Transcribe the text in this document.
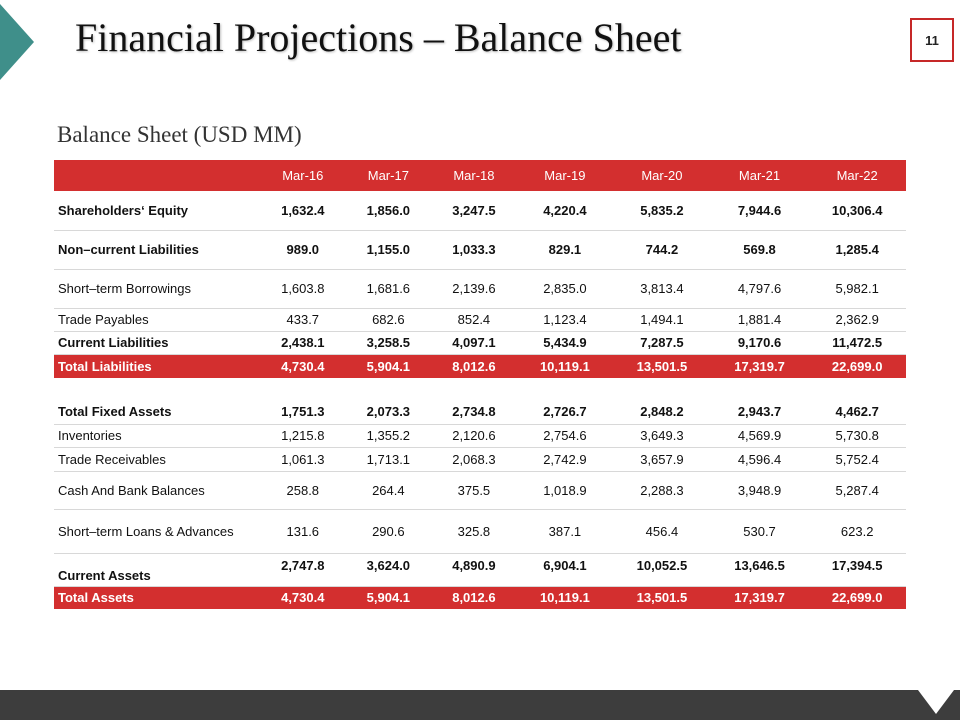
Financial Projections – Balance Sheet	11
Balance Sheet (USD MM)
	Mar-16	Mar-17	Mar-18	Mar-19	Mar-20	Mar-21	Mar-22
Shareholders‘ Equity	1,632.4	1,856.0	3,247.5	4,220.4	5,835.2	7,944.6	10,306.4
Non–current Liabilities	989.0	1,155.0	1,033.3	829.1	744.2	569.8	1,285.4
Short–term Borrowings	1,603.8	1,681.6	2,139.6	2,835.0	3,813.4	4,797.6	5,982.1
Trade Payables	433.7	682.6	852.4	1,123.4	1,494.1	1,881.4	2,362.9
Current Liabilities	2,438.1	3,258.5	4,097.1	5,434.9	7,287.5	9,170.6	11,472.5
Total Liabilities	4,730.4	5,904.1	8,012.6	10,119.1	13,501.5	17,319.7	22,699.0

Total Fixed Assets	1,751.3	2,073.3	2,734.8	2,726.7	2,848.2	2,943.7	4,462.7
Inventories	1,215.8	1,355.2	2,120.6	2,754.6	3,649.3	4,569.9	5,730.8
Trade Receivables	1,061.3	1,713.1	2,068.3	2,742.9	3,657.9	4,596.4	5,752.4
Cash And Bank Balances	258.8	264.4	375.5	1,018.9	2,288.3	3,948.9	5,287.4
Short–term Loans & Advances	131.6	290.6	325.8	387.1	456.4	530.7	623.2
Current Assets	2,747.8	3,624.0	4,890.9	6,904.1	10,052.5	13,646.5	17,394.5
Total Assets	4,730.4	5,904.1	8,012.6	10,119.1	13,501.5	17,319.7	22,699.0
